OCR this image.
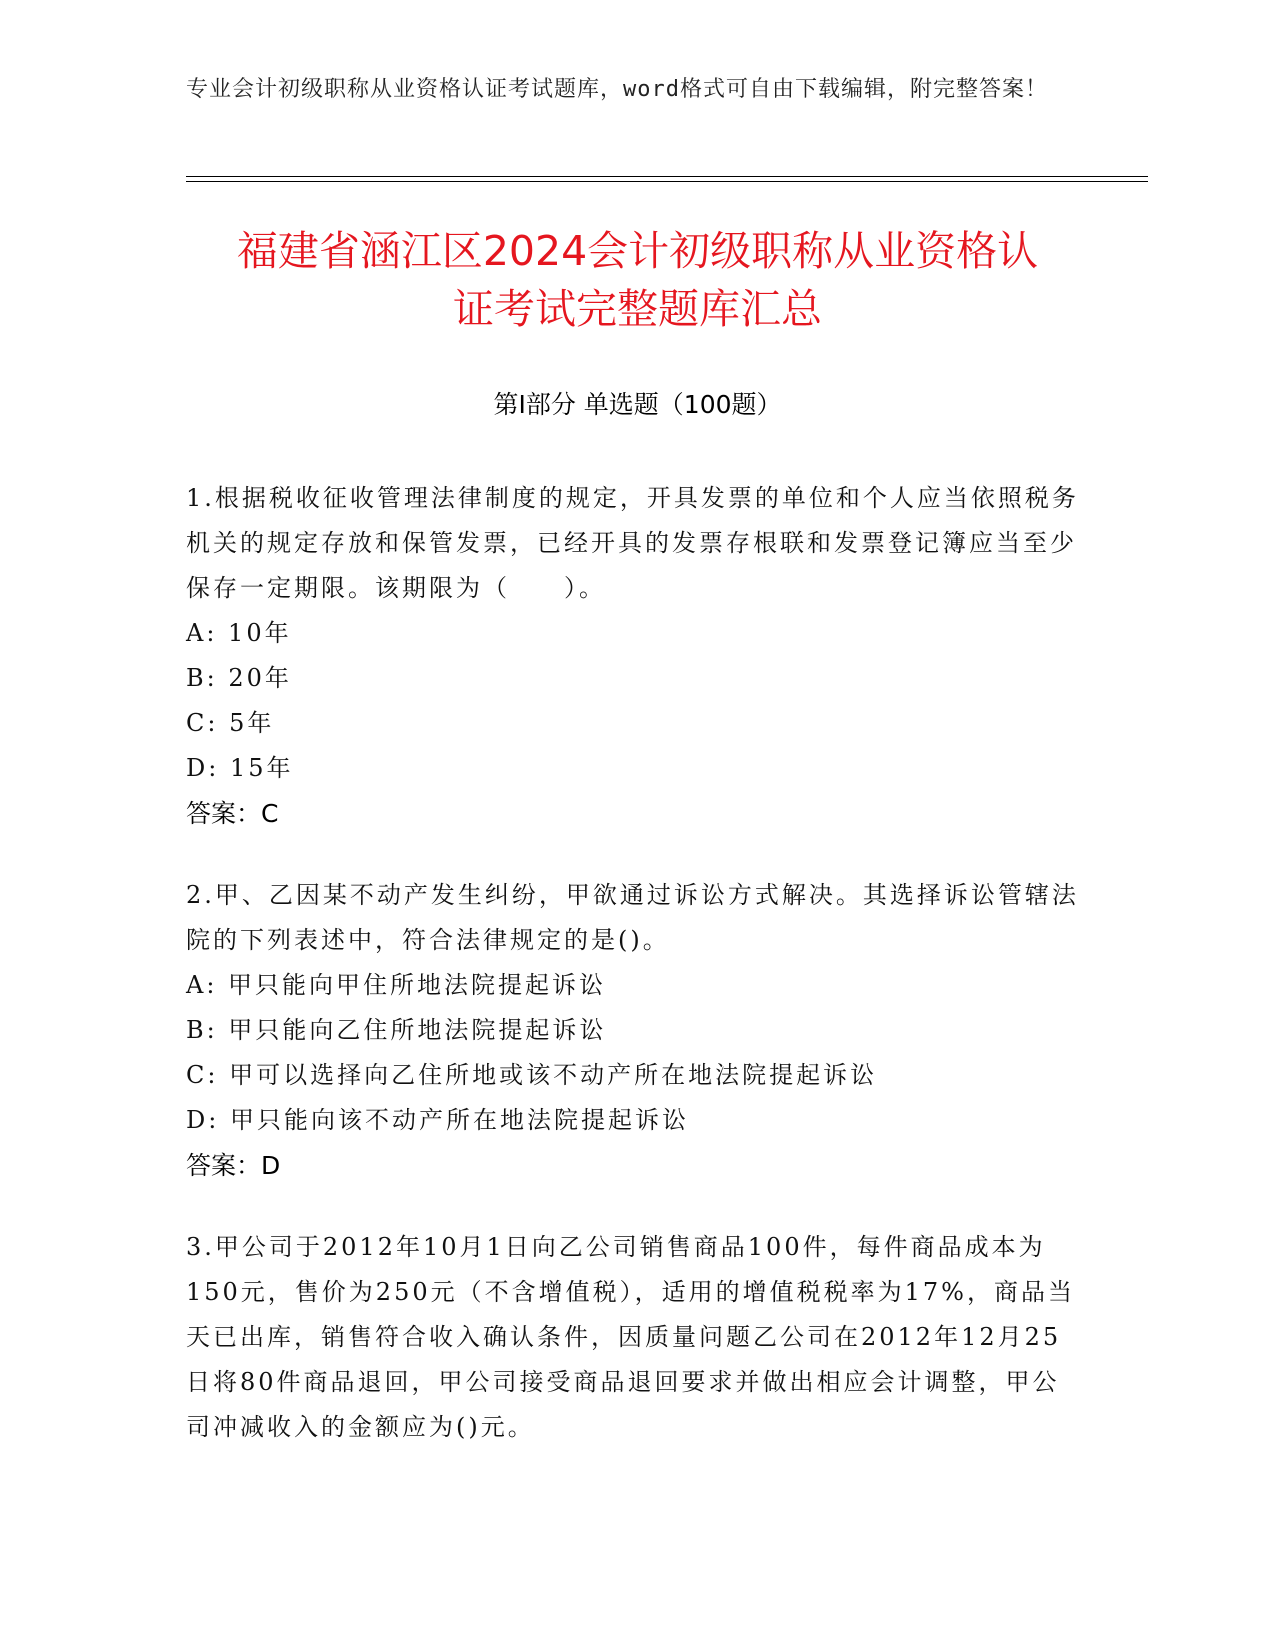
专业会计初级职称从业资格认证考试题库，word格式可自由下载编辑，附完整答案！
福建省涵江区2024会计初级职称从业资格认
证考试完整题库汇总
第Ⅰ部分 单选题（100题）

1.根据税收征收管理法律制度的规定，开具发票的单位和个人应当依照税务机关的规定存放和保管发票，已经开具的发票存根联和发票登记簿应当至少保存一定期限。该期限为（　　）。

A: 10年

B: 20年

C: 5年

D: 15年

答案：C

2.甲、乙因某不动产发生纠纷，甲欲通过诉讼方式解决。其选择诉讼管辖法院的下列表述中，符合法律规定的是()。

A: 甲只能向甲住所地法院提起诉讼

B: 甲只能向乙住所地法院提起诉讼

C: 甲可以选择向乙住所地或该不动产所在地法院提起诉讼

D: 甲只能向该不动产所在地法院提起诉讼

答案：D

3.甲公司于2012年10月1日向乙公司销售商品100件，每件商品成本为150元，售价为250元（不含增值税），适用的增值税税率为17%，商品当天已出库，销售符合收入确认条件，因质量问题乙公司在2012年12月25日将80件商品退回，甲公司接受商品退回要求并做出相应会计调整，甲公司冲减收入的金额应为()元。
